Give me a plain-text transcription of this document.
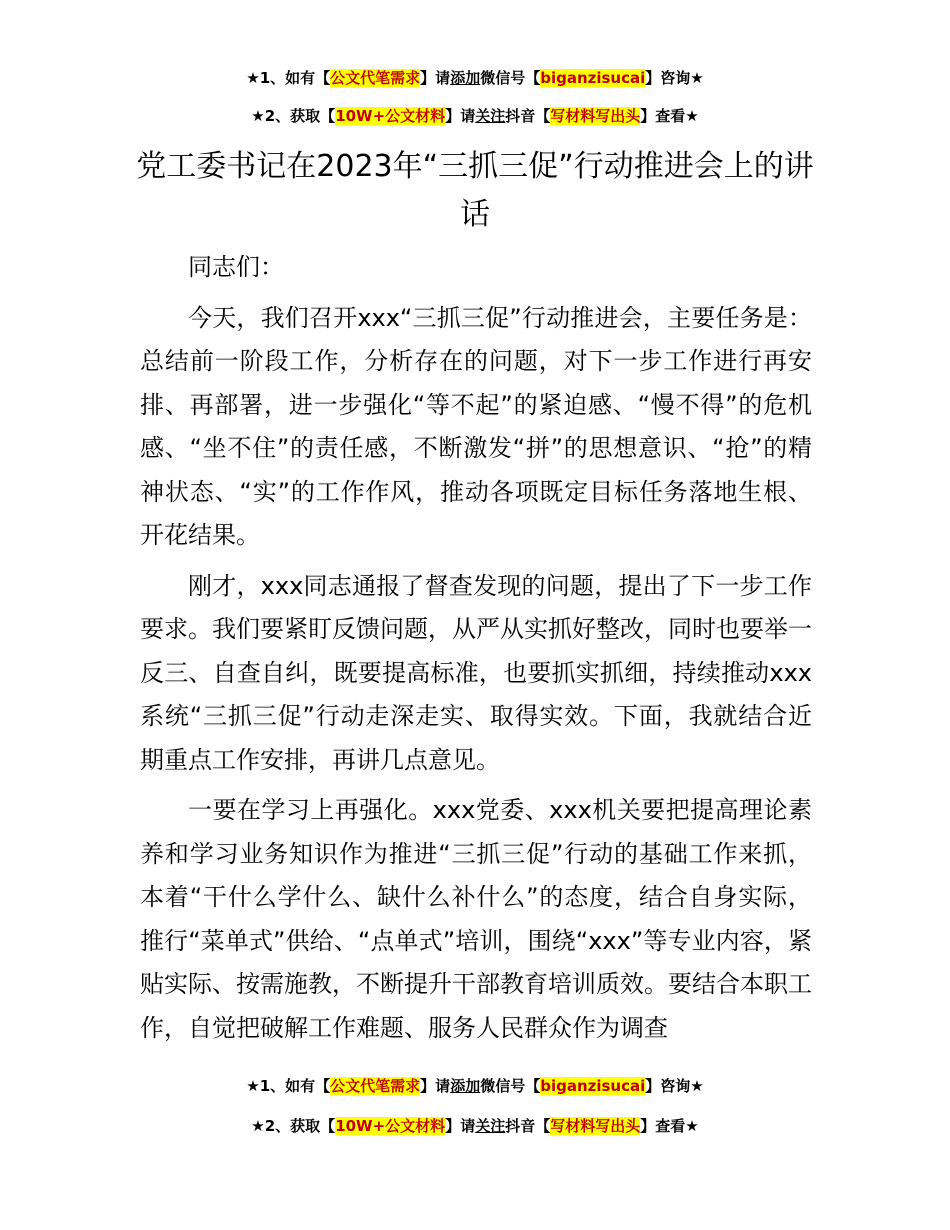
★1、如有【公文代笔需求】请添加微信号【biganzisucai】咨询★
★2、获取【10W+公文材料】请关注抖音【写材料写出头】查看★
党工委书记在2023年“三抓三促”行动推进会上的讲话

同志们：

今天，我们召开xxx“三抓三促”行动推进会，主要任务是：总结前一阶段工作，分析存在的问题，对下一步工作进行再安排、再部署，进一步强化“等不起”的紧迫感、“慢不得”的危机感、“坐不住”的责任感，不断激发“拼”的思想意识、“抢”的精神状态、“实”的工作作风，推动各项既定目标任务落地生根、开花结果。

刚才，xxx同志通报了督查发现的问题，提出了下一步工作要求。我们要紧盯反馈问题，从严从实抓好整改，同时也要举一反三、自查自纠，既要提高标准，也要抓实抓细，持续推动xxx系统“三抓三促”行动走深走实、取得实效。下面，我就结合近期重点工作安排，再讲几点意见。

一要在学习上再强化。xxx党委、xxx机关要把提高理论素养和学习业务知识作为推进“三抓三促”行动的基础工作来抓，本着“干什么学什么、缺什么补什么”的态度，结合自身实际，推行“菜单式”供给、“点单式”培训，围绕“xxx”等专业内容，紧贴实际、按需施教，不断提升干部教育培训质效。要结合本职工作，自觉把破解工作难题、服务人民群众作为调查

★1、如有【公文代笔需求】请添加微信号【biganzisucai】咨询★
★2、获取【10W+公文材料】请关注抖音【写材料写出头】查看★
